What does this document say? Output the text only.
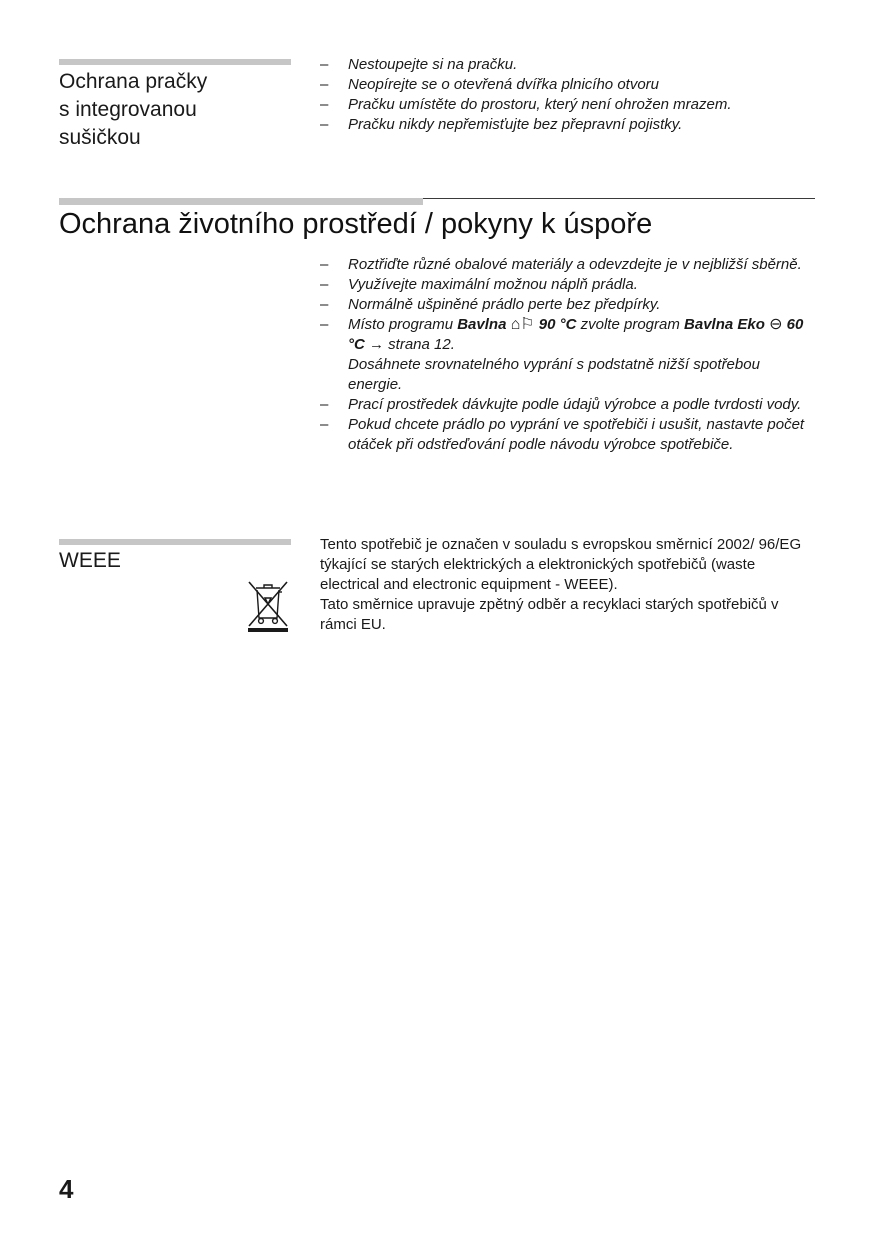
Ochrana pračky
s integrovanou
sušičkou
– Nestoupejte si na pračku.
– Neopírejte se o otevřená dvířka plnicího otvoru
– Pračku umístěte do prostoru, který není ohrožen mrazem.
– Pračku nikdy nepřemisťujte bez přepravní pojistky.
Ochrana životního prostředí / pokyny k úspoře
– Roztřiďte různé obalové materiály a odevzdejte je v nejbližší sběrně.
– Využívejte maximální možnou náplň prádla.
– Normálně ušpiněné prádlo perte bez předpírky.
– Místo programu Bavlna ⌂⚐ 90 °C zvolte program Bavlna Eko ⊖ 60 °C → strana 12.
Dosáhnete srovnatelného vyprání s podstatně nižší spotřebou energie.
– Prací prostředek dávkujte podle údajů výrobce a podle tvrdosti vody.
– Pokud chcete prádlo po vyprání ve spotřebiči i usušit, nastavte počet otáček při odstřeďování podle návodu výrobce spotřebiče.
WEEE
Tento spotřebič je označen v souladu s evropskou směrnicí 2002/ 96/EG týkající se starých elektrických a elektronických spotřebičů (waste electrical and electronic equipment - WEEE).
Tato směrnice upravuje zpětný odběr a recyklaci starých spotřebičů v rámci EU.
4
